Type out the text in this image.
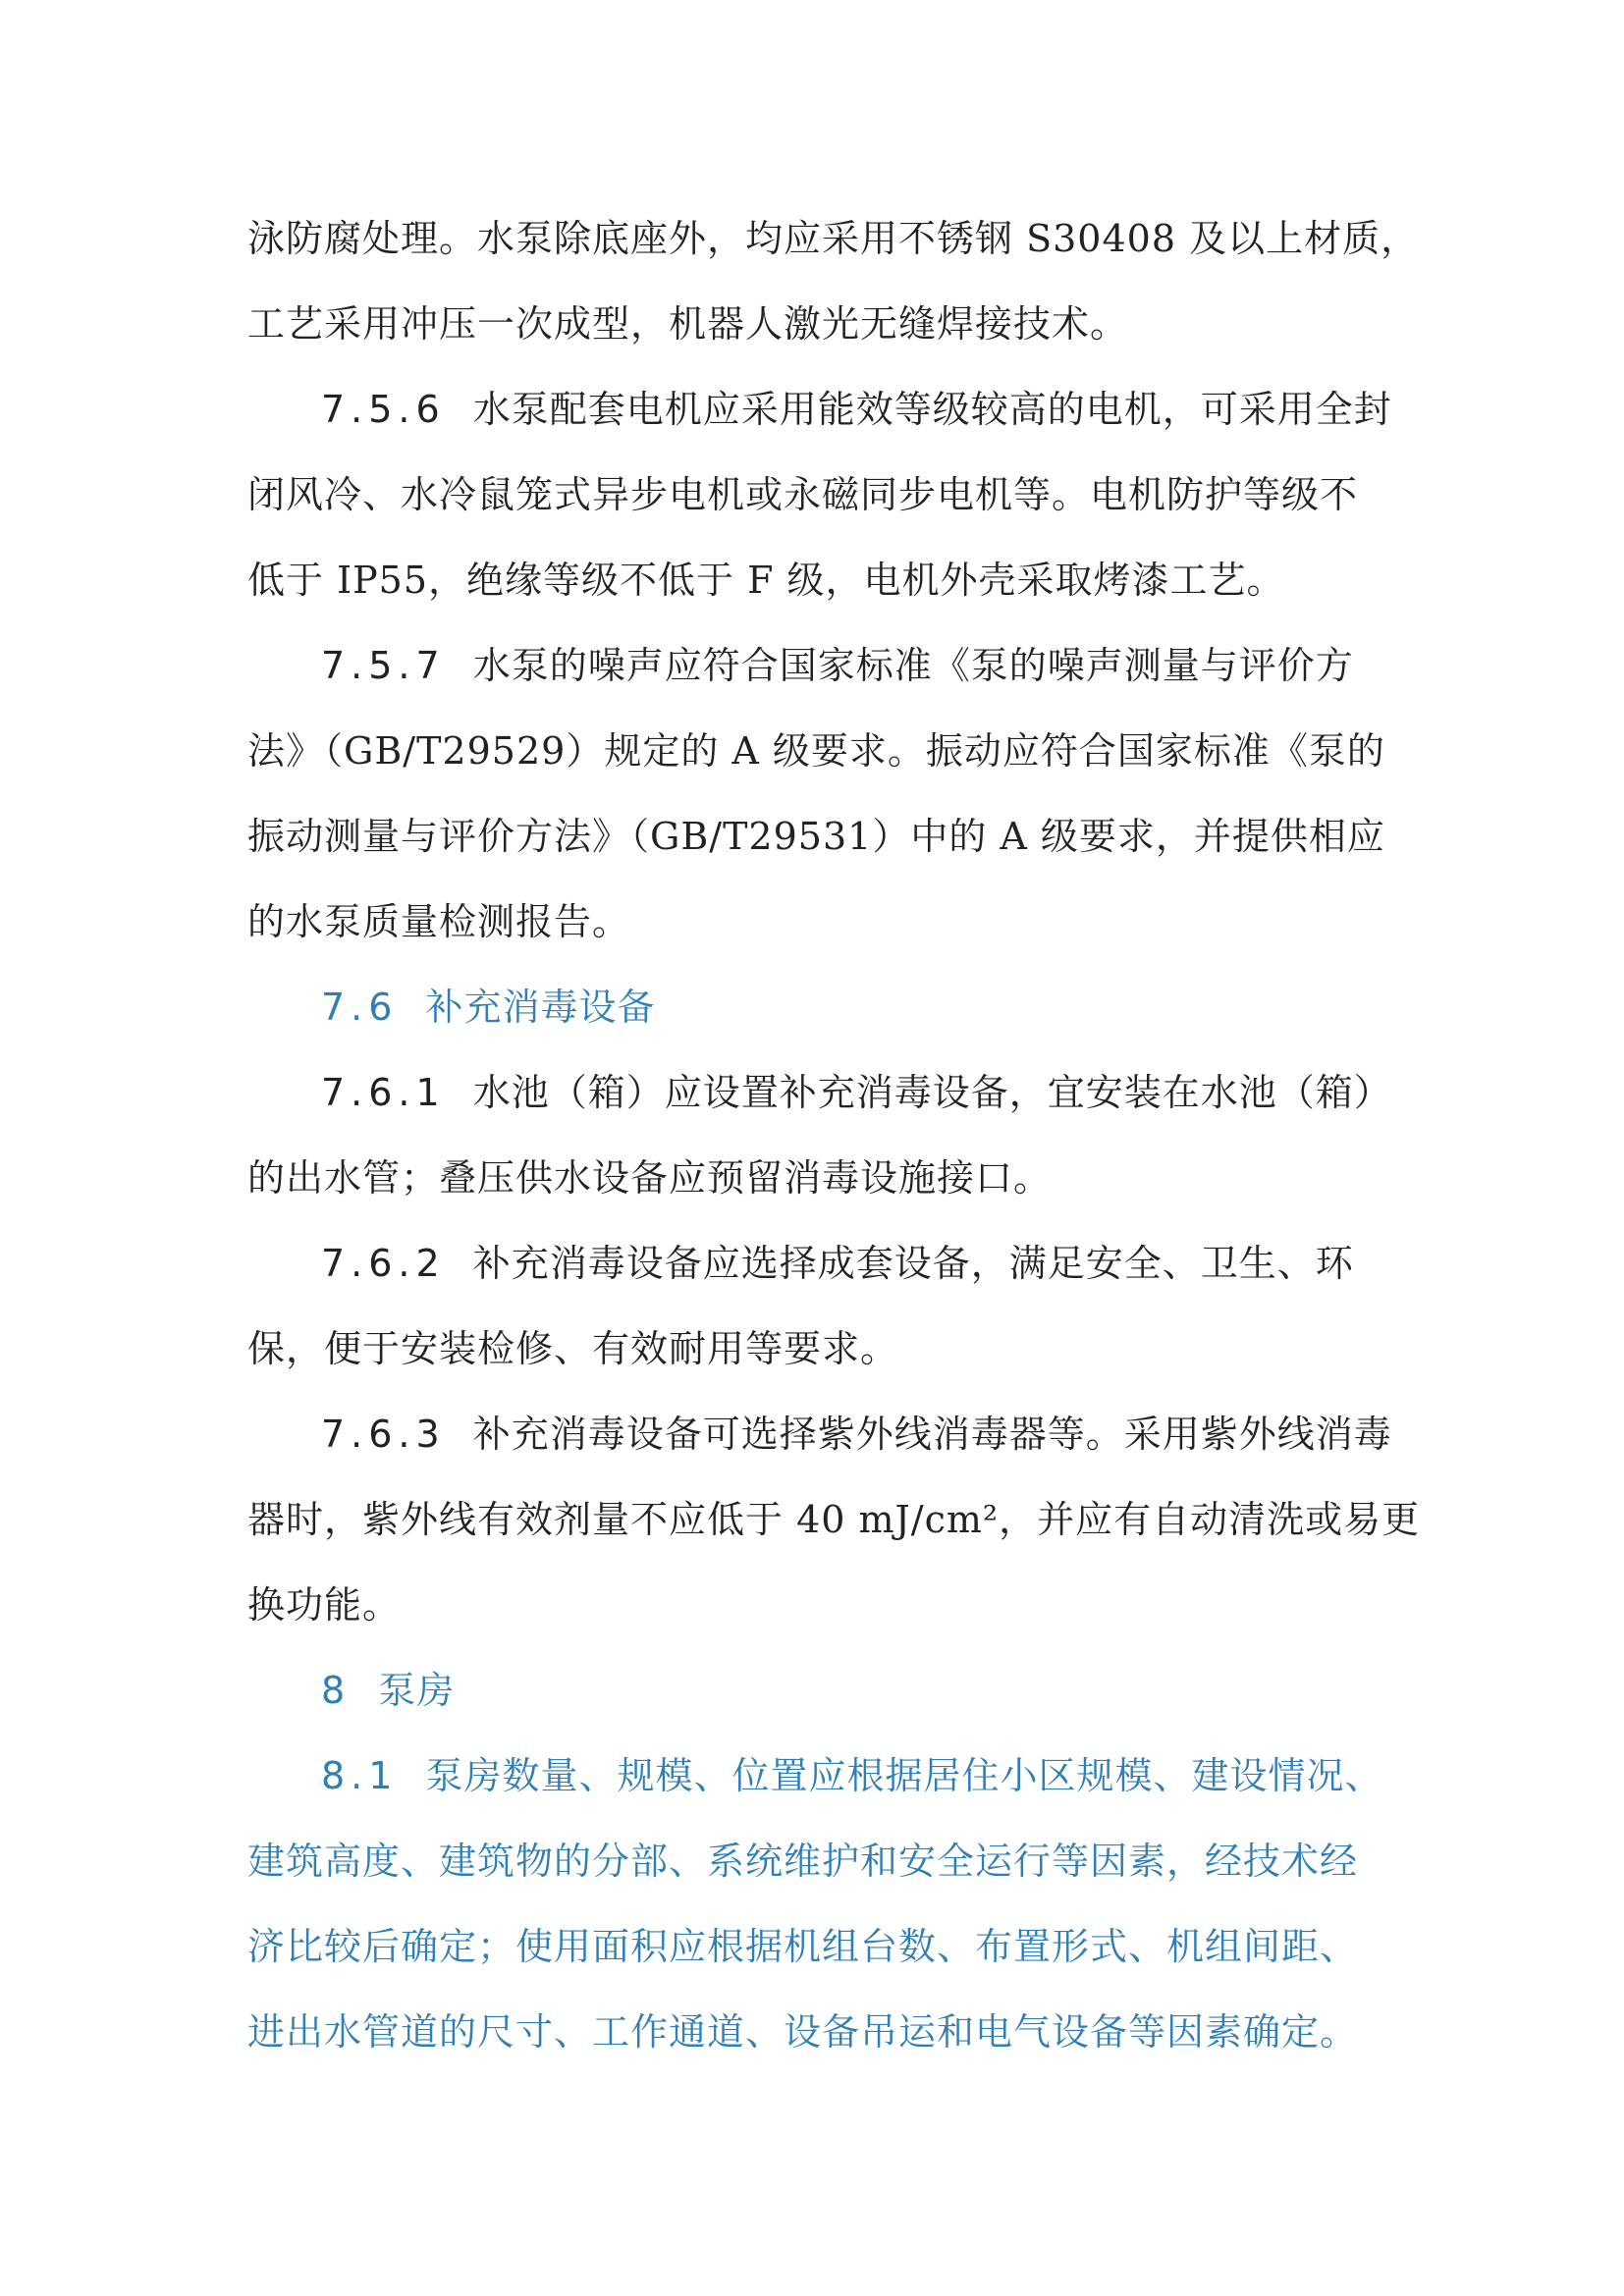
泳防腐处理。水泵除底座外，均应采用不锈钢 S30408 及以上材质，
工艺采用冲压一次成型，机器人激光无缝焊接技术。
7.5.6 水泵配套电机应采用能效等级较高的电机，可采用全封
闭风冷、水冷鼠笼式异步电机或永磁同步电机等。电机防护等级不
低于 IP55，绝缘等级不低于 F 级，电机外壳采取烤漆工艺。
7.5.7 水泵的噪声应符合国家标准《泵的噪声测量与评价方
法》（GB/T29529）规定的 A 级要求。振动应符合国家标准《泵的
振动测量与评价方法》（GB/T29531）中的 A 级要求，并提供相应
的水泵质量检测报告。
7.6 补充消毒设备
7.6.1 水池（箱）应设置补充消毒设备，宜安装在水池（箱）
的出水管；叠压供水设备应预留消毒设施接口。
7.6.2 补充消毒设备应选择成套设备，满足安全、卫生、环
保，便于安装检修、有效耐用等要求。
7.6.3 补充消毒设备可选择紫外线消毒器等。采用紫外线消毒
器时，紫外线有效剂量不应低于 40 mJ/cm²，并应有自动清洗或易更
换功能。
8 泵房
8.1 泵房数量、规模、位置应根据居住小区规模、建设情况、
建筑高度、建筑物的分部、系统维护和安全运行等因素，经技术经
济比较后确定；使用面积应根据机组台数、布置形式、机组间距、
进出水管道的尺寸、工作通道、设备吊运和电气设备等因素确定。
